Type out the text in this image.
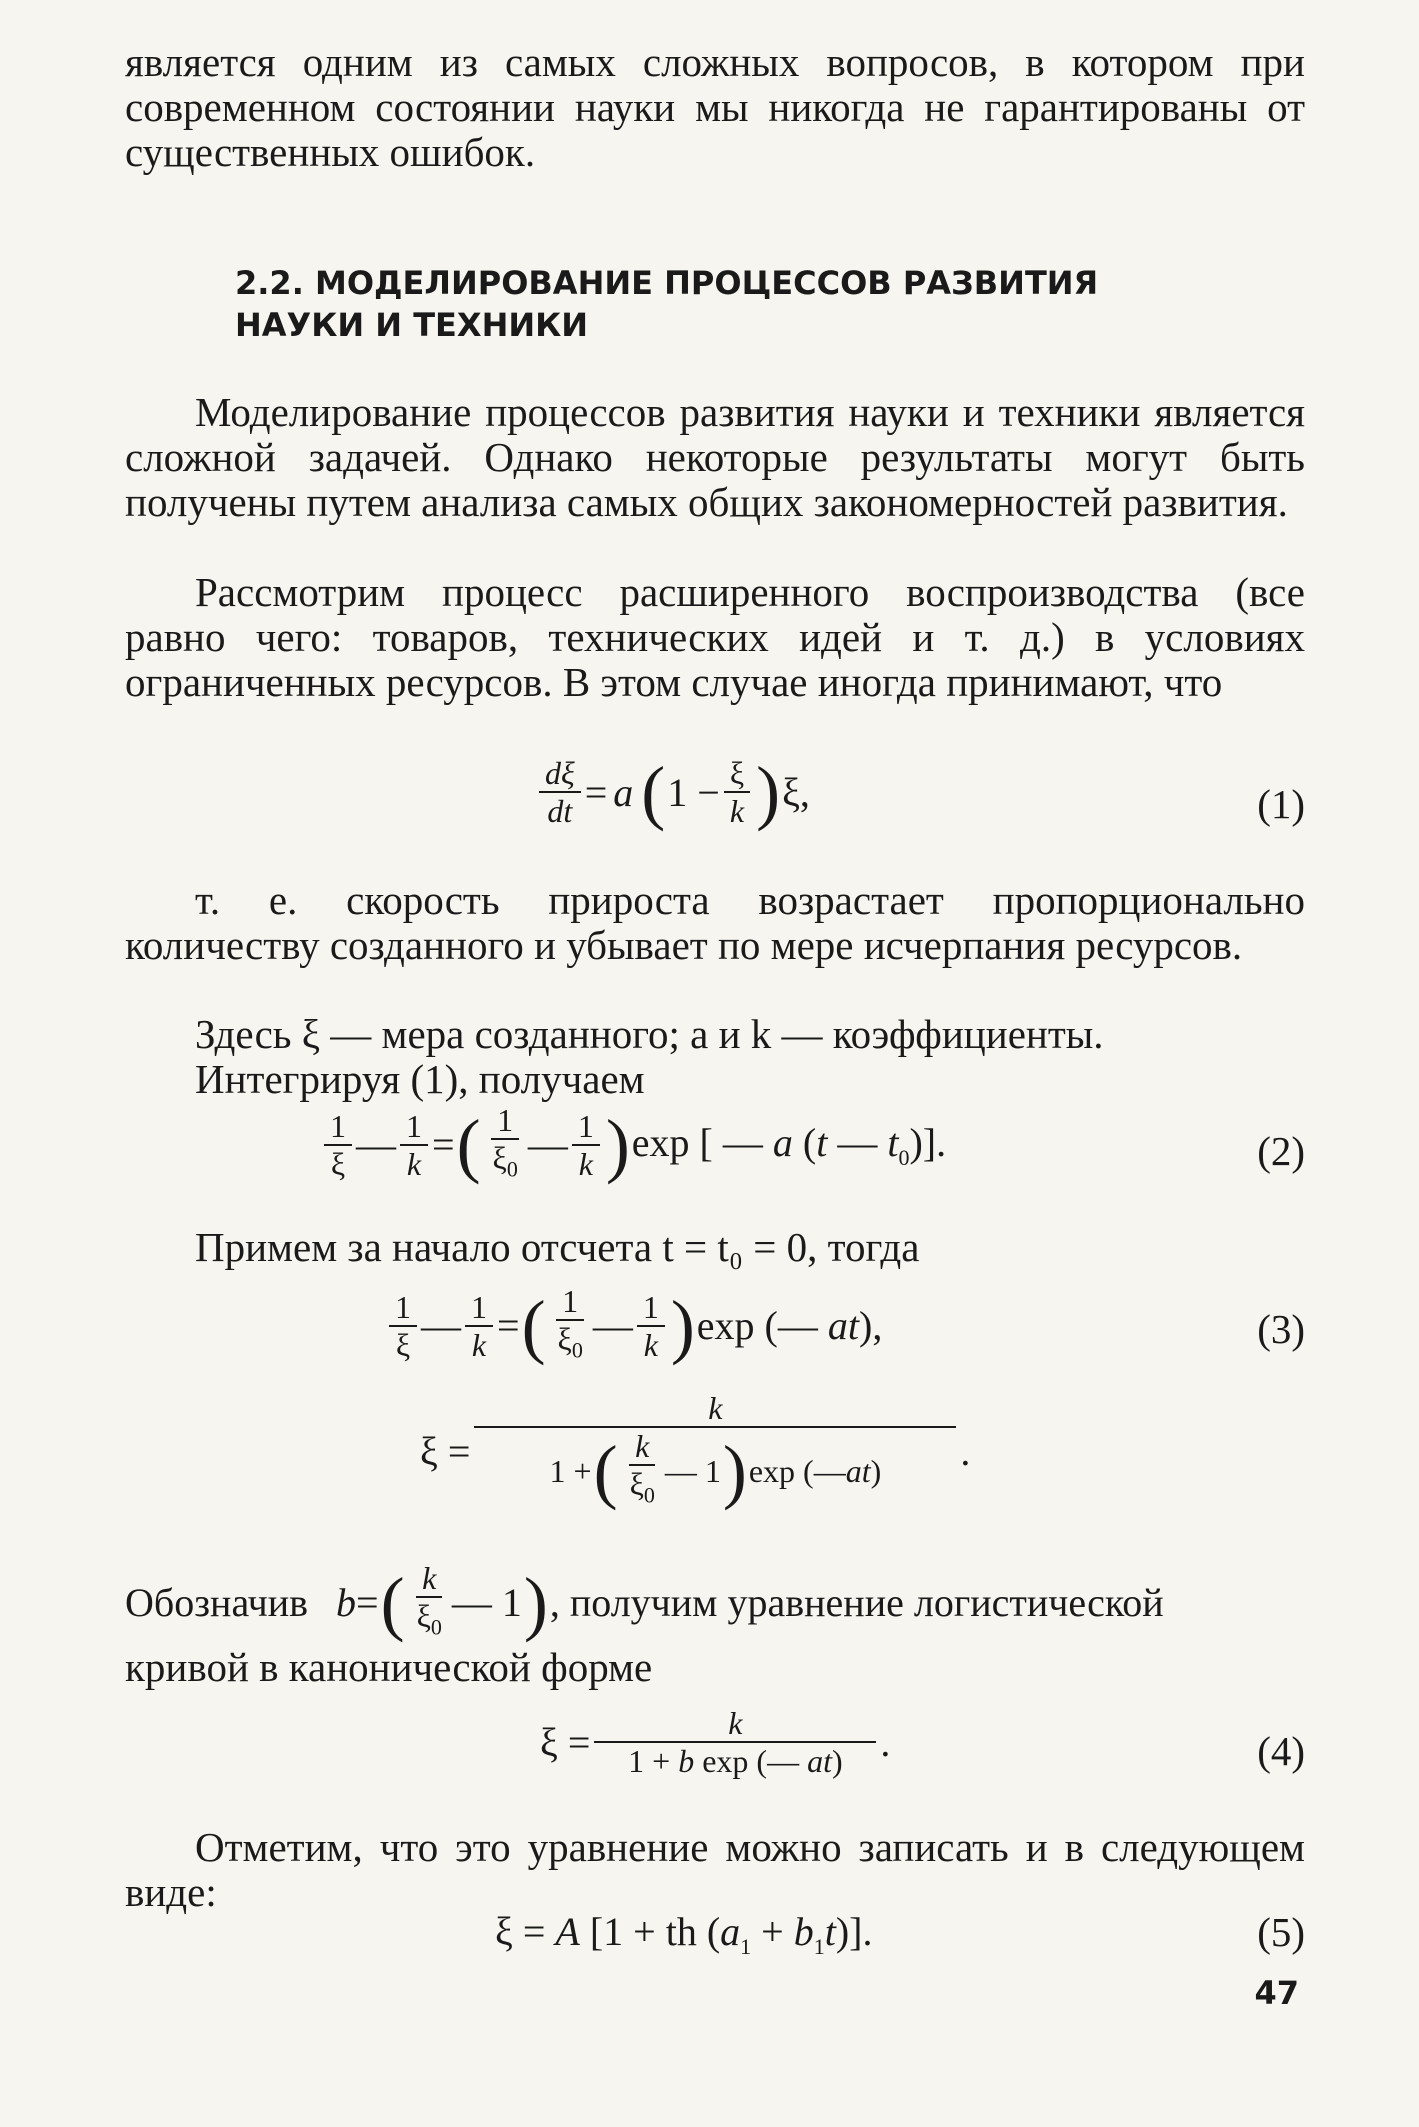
является одним из самых сложных вопросов, в котором при современном состоянии науки мы никогда не гарантированы от существенных ошибок.

2.2. МОДЕЛИРОВАНИЕ ПРОЦЕССОВ РАЗВИТИЯ НАУКИ И ТЕХНИКИ

Моделирование процессов развития науки и техники является сложной задачей. Однако некоторые результаты могут быть получены путем анализа самых общих закономерностей развития.

Рассмотрим процесс расширенного воспроизводства (все равно чего: товаров, технических идей и т. д.) в условиях ограниченных ресурсов. В этом случае иногда принимают, что

$\frac{d\xi}{dt} = a$ ( $1 - \frac{\xi}{k}$ ) ξ,	(1)

т. е. скорость прироста возрастает пропорционально количеству созданного и убывает по мере исчерпания ресурсов.

Здесь ξ — мера созданного; a и k — коэффициенты.

Интегрируя (1), получаем

$\frac{1}{\xi}$ — $\frac{1}{k}$ = ( $\frac{1}{\xi_0}$ — $\frac{1}{k}$ ) exp [ — a (t — $t_0$)].	(2)

Примем за начало отсчета t = t₀ = 0, тогда

$\frac{1}{\xi}$ — $\frac{1}{k}$ = ( $\frac{1}{\xi_0}$ — $\frac{1}{k}$ ) exp (— at),	(3)
$\xi = \frac{k}{1 + ( \frac{k}{\xi_0} — 1 ) \exp (— at )}$ .
Обозначив b = ( $\frac{k}{\xi_0}$ — 1 ) , получим уравнение логистической

кривой в канонической форме

$\xi = \frac{k}{\text{1 + b exp (— at)}}$ .	(4)

Отметим, что это уравнение можно записать и в следующем виде:

ξ = A [1 + th $(a_1 + b_1t)$].	(5)
47
